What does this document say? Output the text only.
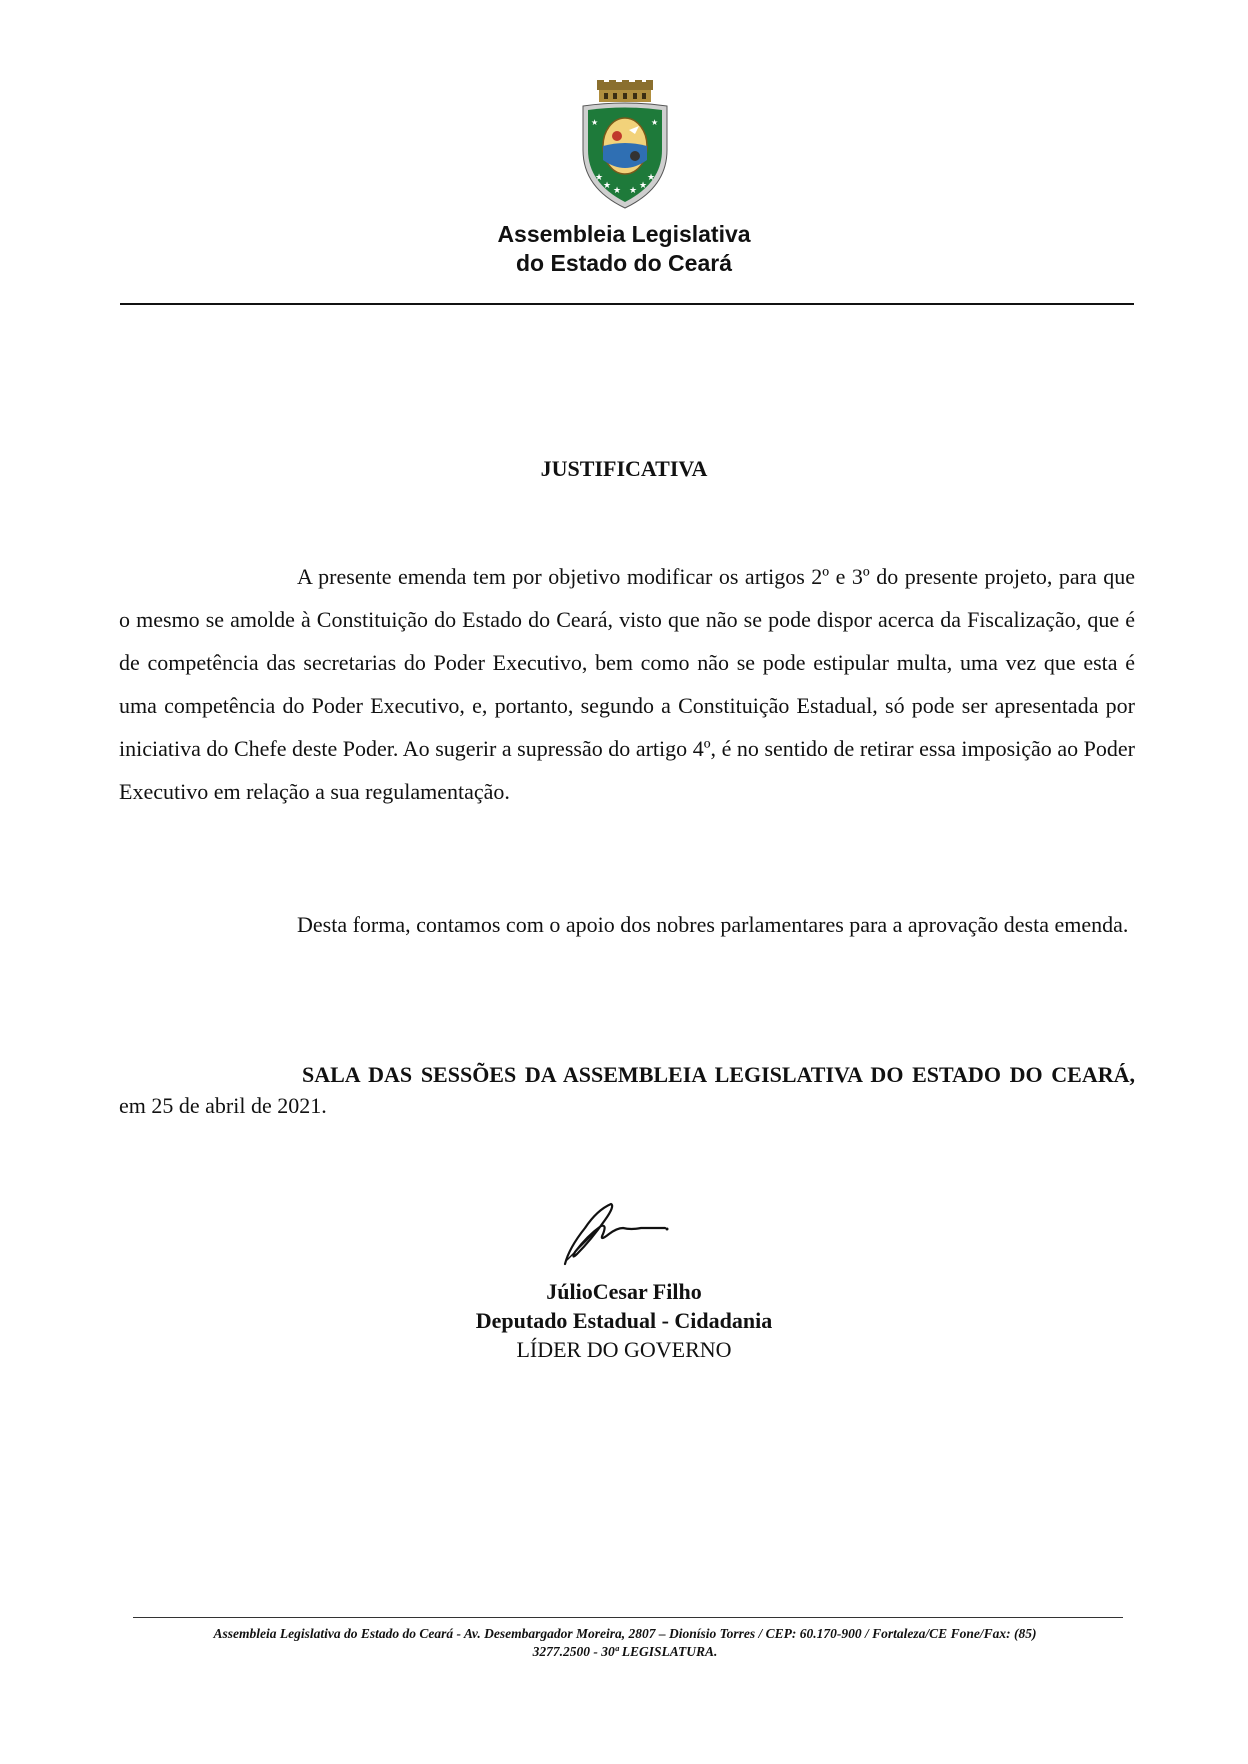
★
★ ★ ★ ★
★
★	★
Assembleia Legislativa
do Estado do Ceará
JUSTIFICATIVA

A presente emenda tem por objetivo modificar os artigos 2º e 3º do presente projeto, para que o mesmo se amolde à Constituição do Estado do Ceará, visto que não se pode dispor acerca da Fiscalização, que é de competência das secretarias do Poder Executivo, bem como não se pode estipular multa, uma vez que esta é uma competência do Poder Executivo, e, portanto, segundo a Constituição Estadual, só pode ser apresentada por iniciativa do Chefe deste Poder. Ao sugerir a supressão do artigo 4º, é no sentido de retirar essa imposição ao Poder Executivo em relação a sua regulamentação.

Desta forma, contamos com o apoio dos nobres parlamentares para a aprovação desta emenda.

SALA DAS SESSÕES DA ASSEMBLEIA LEGISLATIVA DO ESTADO DO CEARÁ, em 25 de abril de 2021.

JúlioCesar Filho
Deputado Estadual - Cidadania
LÍDER DO GOVERNO
Assembleia Legislativa do Estado do Ceará - Av. Desembargador Moreira, 2807 – Dionísio Torres / CEP: 60.170-900 / Fortaleza/CE Fone/Fax: (85)
3277.2500 - 30ª LEGISLATURA.
